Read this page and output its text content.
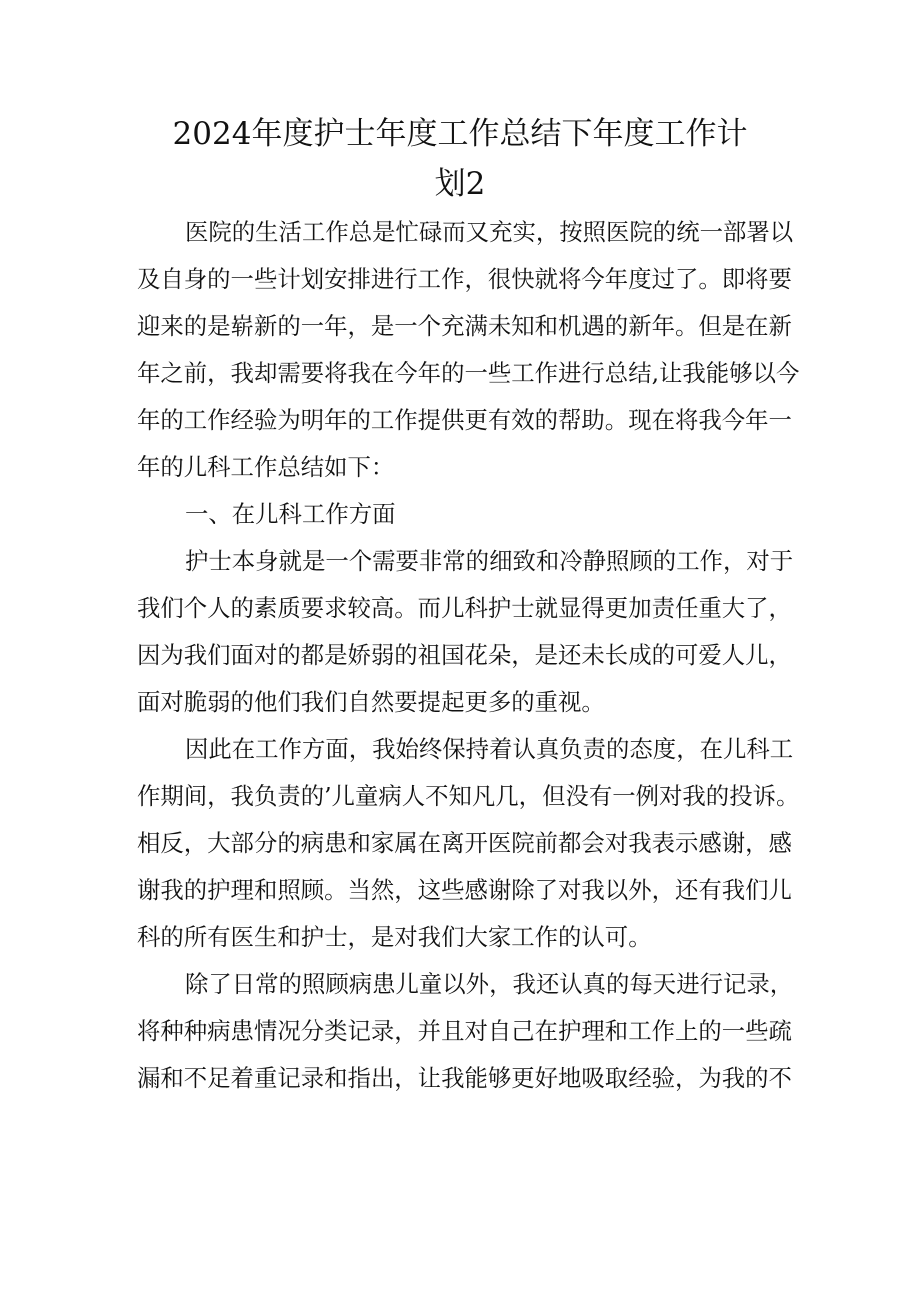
2024年度护士年度工作总结下年度工作计
划2

医院的生活工作总是忙碌而又充实，按照医院的统一部署以

及自身的一些计划安排进行工作，很快就将今年度过了。即将要

迎来的是崭新的一年，是一个充满未知和机遇的新年。但是在新

年之前，我却需要将我在今年的一些工作进行总结,让我能够以今

年的工作经验为明年的工作提供更有效的帮助。现在将我今年一

年的儿科工作总结如下：

一、在儿科工作方面

护士本身就是一个需要非常的细致和冷静照顾的工作，对于

我们个人的素质要求较高。而儿科护士就显得更加责任重大了，

因为我们面对的都是娇弱的祖国花朵，是还未长成的可爱人儿，

面对脆弱的他们我们自然要提起更多的重视。

因此在工作方面，我始终保持着认真负责的态度，在儿科工

作期间，我负责的’儿童病人不知凡几，但没有一例对我的投诉。

相反，大部分的病患和家属在离开医院前都会对我表示感谢，感

谢我的护理和照顾。当然，这些感谢除了对我以外，还有我们儿

科的所有医生和护士，是对我们大家工作的认可。

除了日常的照顾病患儿童以外，我还认真的每天进行记录，

将种种病患情况分类记录，并且对自己在护理和工作上的一些疏

漏和不足着重记录和指出，让我能够更好地吸取经验，为我的不
